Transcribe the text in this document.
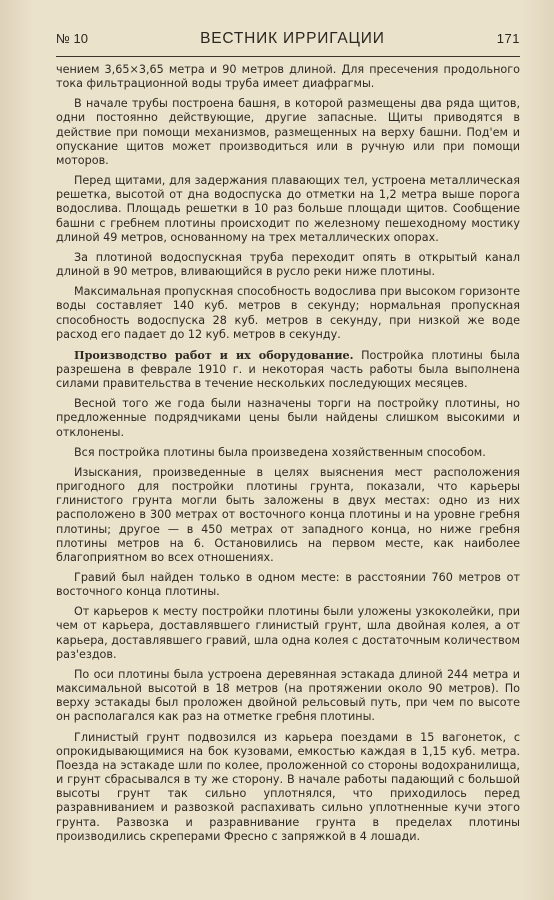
№ 10	ВЕСТНИК ИРРИГАЦИИ	171

чением 3,65×3,65 метра и 90 метров длиной. Для пресечения продольного тока фильтрационной воды труба имеет диафрагмы.

В начале трубы построена башня, в которой размещены два ряда щитов, одни постоянно действующие, другие запасные. Щиты приводятся в действие при помощи механизмов, размещенных на верху башни. Под'ем и опускание щитов может производиться или в ручную или при помощи моторов.

Перед щитами, для задержания плавающих тел, устроена металлическая решетка, высотой от дна водоспуска до отметки на 1,2 метра выше порога водослива. Площадь решетки в 10 раз больше площади щитов. Сообщение башни с гребнем плотины происходит по железному пешеходному мостику длиной 49 метров, основанному на трех металлических опорах.

За плотиной водоспускная труба переходит опять в открытый канал длиной в 90 метров, вливающийся в русло реки ниже плотины.

Максимальная пропускная способность водослива при высоком горизонте воды составляет 140 куб. метров в секунду; нормальная пропускная способность водоспуска 28 куб. метров в секунду, при низкой же воде расход его падает до 12 куб. метров в секунду.

Производство работ и их оборудование. Постройка плотины была разрешена в феврале 1910 г. и некоторая часть работы была выполнена силами правительства в течение нескольких последующих месяцев.

Весной того же года были назначены торги на постройку плотины, но предложенные подрядчиками цены были найдены слишком высокими и отклонены.

Вся постройка плотины была произведена хозяйственным способом.

Изыскания, произведенные в целях выяснения мест расположения пригодного для постройки плотины грунта, показали, что карьеры глинистого грунта могли быть заложены в двух местах: одно из них расположено в 300 метрах от восточного конца плотины и на уровне гребня плотины; другое — в 450 метрах от западного конца, но ниже гребня плотины метров на 6. Остановились на первом месте, как наиболее благоприятном во всех отношениях.

Гравий был найден только в одном месте: в расстоянии 760 метров от восточного конца плотины.

От карьеров к месту постройки плотины были уложены узкоколейки, при чем от карьера, доставлявшего глинистый грунт, шла двойная колея, а от карьера, доставлявшего гравий, шла одна колея с достаточным количеством раз'ездов.

По оси плотины была устроена деревянная эстакада длиной 244 метра и максимальной высотой в 18 метров (на протяжении около 90 метров). По верху эстакады был проложен двойной рельсовый путь, при чем по высоте он располагался как раз на отметке гребня плотины.

Глинистый грунт подвозился из карьера поездами в 15 вагонеток, с опрокидывающимися на бок кузовами, емкостью каждая в 1,15 куб. метра. Поезда на эстакаде шли по колее, проложенной со стороны водохранилища, и грунт сбрасывался в ту же сторону. В начале работы падающий с большой высоты грунт так сильно уплотнялся, что приходилось перед разравниванием и развозкой распахивать сильно уплотненные кучи этого грунта. Развозка и разравнивание грунта в пределах плотины производились скреперами Фресно с запряжкой в 4 лошади.
